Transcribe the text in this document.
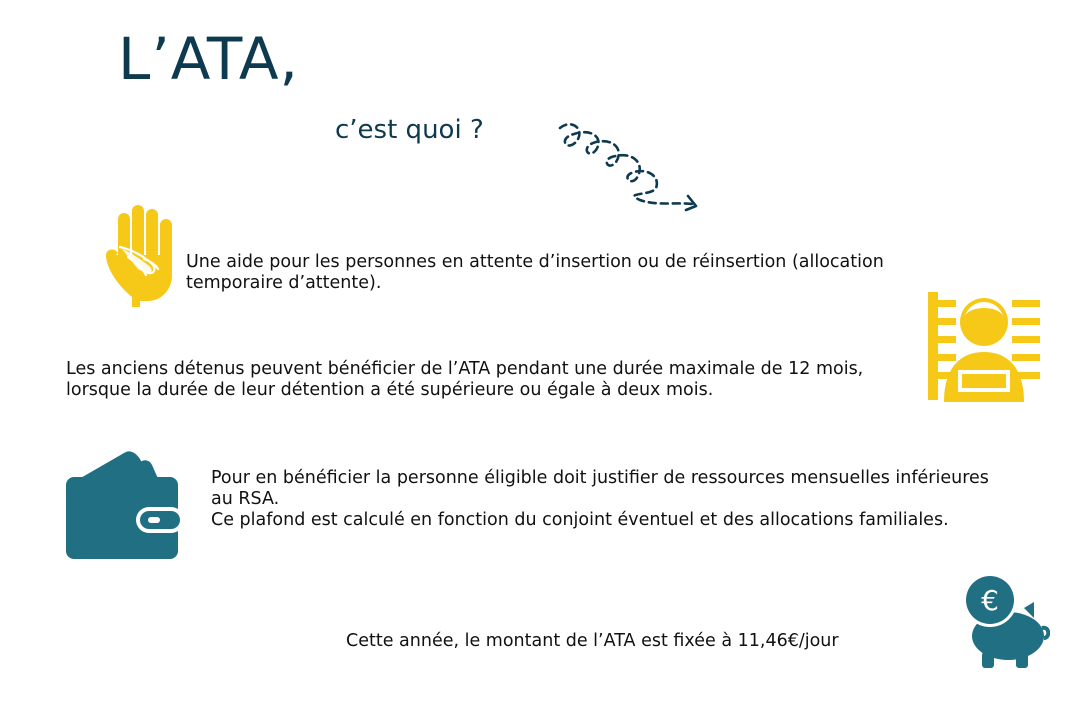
L’ATA,
c’est quoi ?
€

Une aide pour les personnes en attente d’insertion ou de réinsertion (allocation
temporaire d’attente).

Les anciens détenus peuvent bénéficier de l’ATA pendant une durée maximale de 12 mois,
lorsque la durée de leur détention a été supérieure ou égale à deux mois.

Pour en bénéficier la personne éligible doit justifier de ressources mensuelles inférieures
au RSA.
Ce plafond est calculé en fonction du conjoint éventuel et des allocations familiales.

Cette année, le montant de l’ATA est fixée à 11,46€/jour
